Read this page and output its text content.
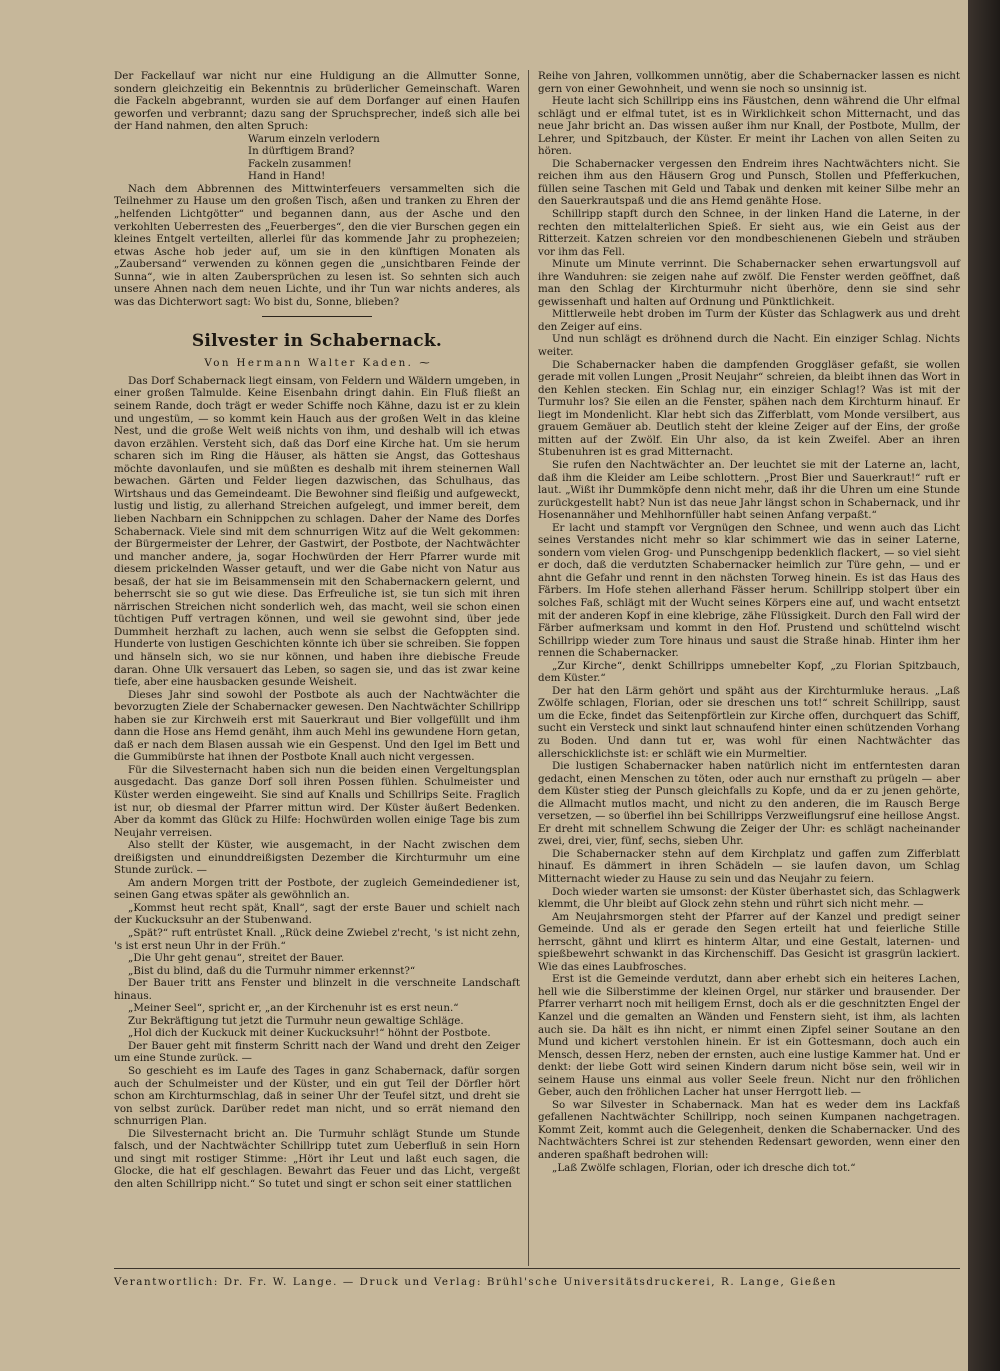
Der Fackellauf war nicht nur eine Huldigung an die Allmutter Sonne, sondern gleichzeitig ein Bekenntnis zu brüderlicher Gemeinschaft. Waren die Fackeln abgebrannt, wurden sie auf dem Dorfanger auf einen Haufen geworfen und verbrannt; dazu sang der Spruchsprecher, indeß sich alle bei der Hand nahmen, den alten Spruch:

Warum einzeln verlodern
In dürftigem Brand?
Fackeln zusammen!
Hand in Hand!

Nach dem Abbrennen des Mittwinterfeuers versammelten sich die Teilnehmer zu Hause um den großen Tisch, aßen und tranken zu Ehren der „helfenden Lichtgötter“ und begannen dann, aus der Asche und den verkohlten Ueberresten des „Feuerberges“, den die vier Burschen gegen ein kleines Entgelt verteilten, allerlei für das kommende Jahr zu prophezeien; etwas Asche hob jeder auf, um sie in den künftigen Monaten als „Zaubersand“ verwenden zu können gegen die „unsichtbaren Feinde der Sunna“, wie in alten Zaubersprüchen zu lesen ist. So sehnten sich auch unsere Ahnen nach dem neuen Lichte, und ihr Tun war nichts anderes, als was das Dichterwort sagt: Wo bist du, Sonne, blieben?

Silvester in Schabernack.
Von Hermann Walter Kaden. ⁓

Das Dorf Schabernack liegt einsam, von Feldern und Wäldern umgeben, in einer großen Talmulde. Keine Eisenbahn dringt dahin. Ein Fluß fließt an seinem Rande, doch trägt er weder Schiffe noch Kähne, dazu ist er zu klein und ungestüm, — so kommt kein Hauch aus der großen Welt in das kleine Nest, und die große Welt weiß nichts von ihm, und deshalb will ich etwas davon erzählen. Versteht sich, daß das Dorf eine Kirche hat. Um sie herum scharen sich im Ring die Häuser, als hätten sie Angst, das Gotteshaus möchte davonlaufen, und sie müßten es deshalb mit ihrem steinernen Wall bewachen. Gärten und Felder liegen dazwischen, das Schulhaus, das Wirtshaus und das Gemeindeamt. Die Bewohner sind fleißig und aufgeweckt, lustig und listig, zu allerhand Streichen aufgelegt, und immer bereit, dem lieben Nachbarn ein Schnippchen zu schlagen. Daher der Name des Dorfes Schabernack. Viele sind mit dem schnurrigen Witz auf die Welt gekommen: der Bürgermeister der Lehrer, der Gastwirt, der Postbote, der Nachtwächter und mancher andere, ja, sogar Hochwürden der Herr Pfarrer wurde mit diesem prickelnden Wasser getauft, und wer die Gabe nicht von Natur aus besaß, der hat sie im Beisammensein mit den Schabernackern gelernt, und beherrscht sie so gut wie diese. Das Erfreuliche ist, sie tun sich mit ihren närrischen Streichen nicht sonderlich weh, das macht, weil sie schon einen tüchtigen Puff vertragen können, und weil sie gewohnt sind, über jede Dummheit herzhaft zu lachen, auch wenn sie selbst die Gefoppten sind. Hunderte von lustigen Geschichten könnte ich über sie schreiben. Sie foppen und hänseln sich, wo sie nur können, und haben ihre diebische Freude daran. Ohne Ulk versauert das Leben, so sagen sie, und das ist zwar keine tiefe, aber eine hausbacken gesunde Weisheit.

Dieses Jahr sind sowohl der Postbote als auch der Nachtwächter die bevorzugten Ziele der Schabernacker gewesen. Den Nachtwächter Schillripp haben sie zur Kirchweih erst mit Sauerkraut und Bier vollgefüllt und ihm dann die Hose ans Hemd genäht, ihm auch Mehl ins gewundene Horn getan, daß er nach dem Blasen aussah wie ein Gespenst. Und den Igel im Bett und die Gummibürste hat ihnen der Postbote Knall auch nicht vergessen.

Für die Silvesternacht haben sich nun die beiden einen Vergeltungsplan ausgedacht. Das ganze Dorf soll ihren Possen fühlen. Schulmeister und Küster werden eingeweiht. Sie sind auf Knalls und Schillrips Seite. Fraglich ist nur, ob diesmal der Pfarrer mittun wird. Der Küster äußert Bedenken. Aber da kommt das Glück zu Hilfe: Hochwürden wollen einige Tage bis zum Neujahr verreisen.

Also stellt der Küster, wie ausgemacht, in der Nacht zwischen dem dreißigsten und einunddreißigsten Dezember die Kirchturmuhr um eine Stunde zurück. —

Am andern Morgen tritt der Postbote, der zugleich Gemeindediener ist, seinen Gang etwas später als gewöhnlich an.

„Kommst heut recht spät, Knall“, sagt der erste Bauer und schielt nach der Kuckucksuhr an der Stubenwand.

„Spät?“ ruft entrüstet Knall. „Rück deine Zwiebel z'recht, 's ist nicht zehn, 's ist erst neun Uhr in der Früh.“

„Die Uhr geht genau“, streitet der Bauer.

„Bist du blind, daß du die Turmuhr nimmer erkennst?“

Der Bauer tritt ans Fenster und blinzelt in die verschneite Landschaft hinaus.

„Meiner Seel“, spricht er, „an der Kirchenuhr ist es erst neun.“

Zur Bekräftigung tut jetzt die Turmuhr neun gewaltige Schläge.

„Hol dich der Kuckuck mit deiner Kuckucksuhr!“ höhnt der Postbote.

Der Bauer geht mit finsterm Schritt nach der Wand und dreht den Zeiger um eine Stunde zurück. —

So geschieht es im Laufe des Tages in ganz Schabernack, dafür sorgen auch der Schulmeister und der Küster, und ein gut Teil der Dörfler hört schon am Kirchturmschlag, daß in seiner Uhr der Teufel sitzt, und dreht sie von selbst zurück. Darüber redet man nicht, und so errät niemand den schnurrigen Plan.

Die Silvesternacht bricht an. Die Turmuhr schlägt Stunde um Stunde falsch, und der Nachtwächter Schillripp tutet zum Ueberfluß in sein Horn und singt mit rostiger Stimme: „Hört ihr Leut und laßt euch sagen, die Glocke, die hat elf geschlagen. Bewahrt das Feuer und das Licht, vergeßt den alten Schillripp nicht.“ So tutet und singt er schon seit einer stattlichen

Reihe von Jahren, vollkommen unnötig, aber die Schabernacker lassen es nicht gern von einer Gewohnheit, und wenn sie noch so unsinnig ist.

Heute lacht sich Schillripp eins ins Fäustchen, denn während die Uhr elfmal schlägt und er elfmal tutet, ist es in Wirklichkeit schon Mitternacht, und das neue Jahr bricht an. Das wissen außer ihm nur Knall, der Postbote, Mullm, der Lehrer, und Spitzbauch, der Küster. Er meint ihr Lachen von allen Seiten zu hören.

Die Schabernacker vergessen den Endreim ihres Nachtwächters nicht. Sie reichen ihm aus den Häusern Grog und Punsch, Stollen und Pfefferkuchen, füllen seine Taschen mit Geld und Tabak und denken mit keiner Silbe mehr an den Sauerkrautspaß und die ans Hemd genähte Hose.

Schillripp stapft durch den Schnee, in der linken Hand die Laterne, in der rechten den mittelalterlichen Spieß. Er sieht aus, wie ein Geist aus der Ritterzeit. Katzen schreien vor den mondbeschienenen Giebeln und sträuben vor ihm das Fell.

Minute um Minute verrinnt. Die Schabernacker sehen erwartungsvoll auf ihre Wanduhren: sie zeigen nahe auf zwölf. Die Fenster werden geöffnet, daß man den Schlag der Kirchturmuhr nicht überhöre, denn sie sind sehr gewissenhaft und halten auf Ordnung und Pünktlichkeit.

Mittlerweile hebt droben im Turm der Küster das Schlagwerk aus und dreht den Zeiger auf eins.

Und nun schlägt es dröhnend durch die Nacht. Ein einziger Schlag. Nichts weiter.

Die Schabernacker haben die dampfenden Groggläser gefaßt, sie wollen gerade mit vollen Lungen „Prosit Neujahr“ schreien, da bleibt ihnen das Wort in den Kehlen stecken. Ein Schlag nur, ein einziger Schlag!? Was ist mit der Turmuhr los? Sie eilen an die Fenster, spähen nach dem Kirchturm hinauf. Er liegt im Mondenlicht. Klar hebt sich das Zifferblatt, vom Monde versilbert, aus grauem Gemäuer ab. Deutlich steht der kleine Zeiger auf der Eins, der große mitten auf der Zwölf. Ein Uhr also, da ist kein Zweifel. Aber an ihren Stubenuhren ist es grad Mitternacht.

Sie rufen den Nachtwächter an. Der leuchtet sie mit der Laterne an, lacht, daß ihm die Kleider am Leibe schlottern. „Prost Bier und Sauerkraut!“ ruft er laut. „Wißt ihr Dummköpfe denn nicht mehr, daß ihr die Uhren um eine Stunde zurückgestellt habt? Nun ist das neue Jahr längst schon in Schabernack, und ihr Hosenannäher und Mehlhornfüller habt seinen Anfang verpaßt.“

Er lacht und stampft vor Vergnügen den Schnee, und wenn auch das Licht seines Verstandes nicht mehr so klar schimmert wie das in seiner Laterne, sondern vom vielen Grog- und Punschgenipp bedenklich flackert, — so viel sieht er doch, daß die verdutzten Schabernacker heimlich zur Türe gehn, — und er ahnt die Gefahr und rennt in den nächsten Torweg hinein. Es ist das Haus des Färbers. Im Hofe stehen allerhand Fässer herum. Schillripp stolpert über ein solches Faß, schlägt mit der Wucht seines Körpers eine auf, und wacht entsetzt mit der anderen Kopf in eine klebrige, zähe Flüssigkeit. Durch den Fall wird der Färber aufmerksam und kommt in den Hof. Prustend und schüttelnd wischt Schillripp wieder zum Tore hinaus und saust die Straße hinab. Hinter ihm her rennen die Schabernacker.

„Zur Kirche“, denkt Schillripps umnebelter Kopf, „zu Florian Spitzbauch, dem Küster.“

Der hat den Lärm gehört und späht aus der Kirchturmluke heraus. „Laß Zwölfe schlagen, Florian, oder sie dreschen uns tot!“ schreit Schillripp, saust um die Ecke, findet das Seitenpförtlein zur Kirche offen, durchquert das Schiff, sucht ein Versteck und sinkt laut schnaufend hinter einen schützenden Vorhang zu Boden. Und dann tut er, was wohl für einen Nachtwächter das allerschicklichste ist: er schläft wie ein Murmeltier.

Die lustigen Schabernacker haben natürlich nicht im entferntesten daran gedacht, einen Menschen zu töten, oder auch nur ernsthaft zu prügeln — aber dem Küster stieg der Punsch gleichfalls zu Kopfe, und da er zu jenen gehörte, die Allmacht mutlos macht, und nicht zu den anderen, die im Rausch Berge versetzen, — so überfiel ihn bei Schillripps Verzweiflungsruf eine heillose Angst. Er dreht mit schnellem Schwung die Zeiger der Uhr: es schlägt nacheinander zwei, drei, vier, fünf, sechs, sieben Uhr.

Die Schabernacker stehn auf dem Kirchplatz und gaffen zum Zifferblatt hinauf. Es dämmert in ihren Schädeln — sie laufen davon, um Schlag Mitternacht wieder zu Hause zu sein und das Neujahr zu feiern.

Doch wieder warten sie umsonst: der Küster überhastet sich, das Schlagwerk klemmt, die Uhr bleibt auf Glock zehn stehn und rührt sich nicht mehr. —

Am Neujahrsmorgen steht der Pfarrer auf der Kanzel und predigt seiner Gemeinde. Und als er gerade den Segen erteilt hat und feierliche Stille herrscht, gähnt und klirrt es hinterm Altar, und eine Gestalt, laternen- und spießbewehrt schwankt in das Kirchenschiff. Das Gesicht ist grasgrün lackiert. Wie das eines Laubfrosches.

Erst ist die Gemeinde verdutzt, dann aber erhebt sich ein heiteres Lachen, hell wie die Silberstimme der kleinen Orgel, nur stärker und brausender. Der Pfarrer verharrt noch mit heiligem Ernst, doch als er die geschnitzten Engel der Kanzel und die gemalten an Wänden und Fenstern sieht, ist ihm, als lachten auch sie. Da hält es ihn nicht, er nimmt einen Zipfel seiner Soutane an den Mund und kichert verstohlen hinein. Er ist ein Gottesmann, doch auch ein Mensch, dessen Herz, neben der ernsten, auch eine lustige Kammer hat. Und er denkt: der liebe Gott wird seinen Kindern darum nicht böse sein, weil wir in seinem Hause uns einmal aus voller Seele freun. Nicht nur den fröhlichen Geber, auch den fröhlichen Lacher hat unser Herrgott lieb. —

So war Silvester in Schabernack. Man hat es weder dem ins Lackfaß gefallenen Nachtwächter Schillripp, noch seinen Kumpanen nachgetragen. Kommt Zeit, kommt auch die Gelegenheit, denken die Schabernacker. Und des Nachtwächters Schrei ist zur stehenden Redensart geworden, wenn einer den anderen spaßhaft bedrohen will:

„Laß Zwölfe schlagen, Florian, oder ich dresche dich tot.“

Verantwortlich: Dr. Fr. W. Lange. — Druck und Verlag: Brühl'sche Universitätsdruckerei, R. Lange, Gießen
